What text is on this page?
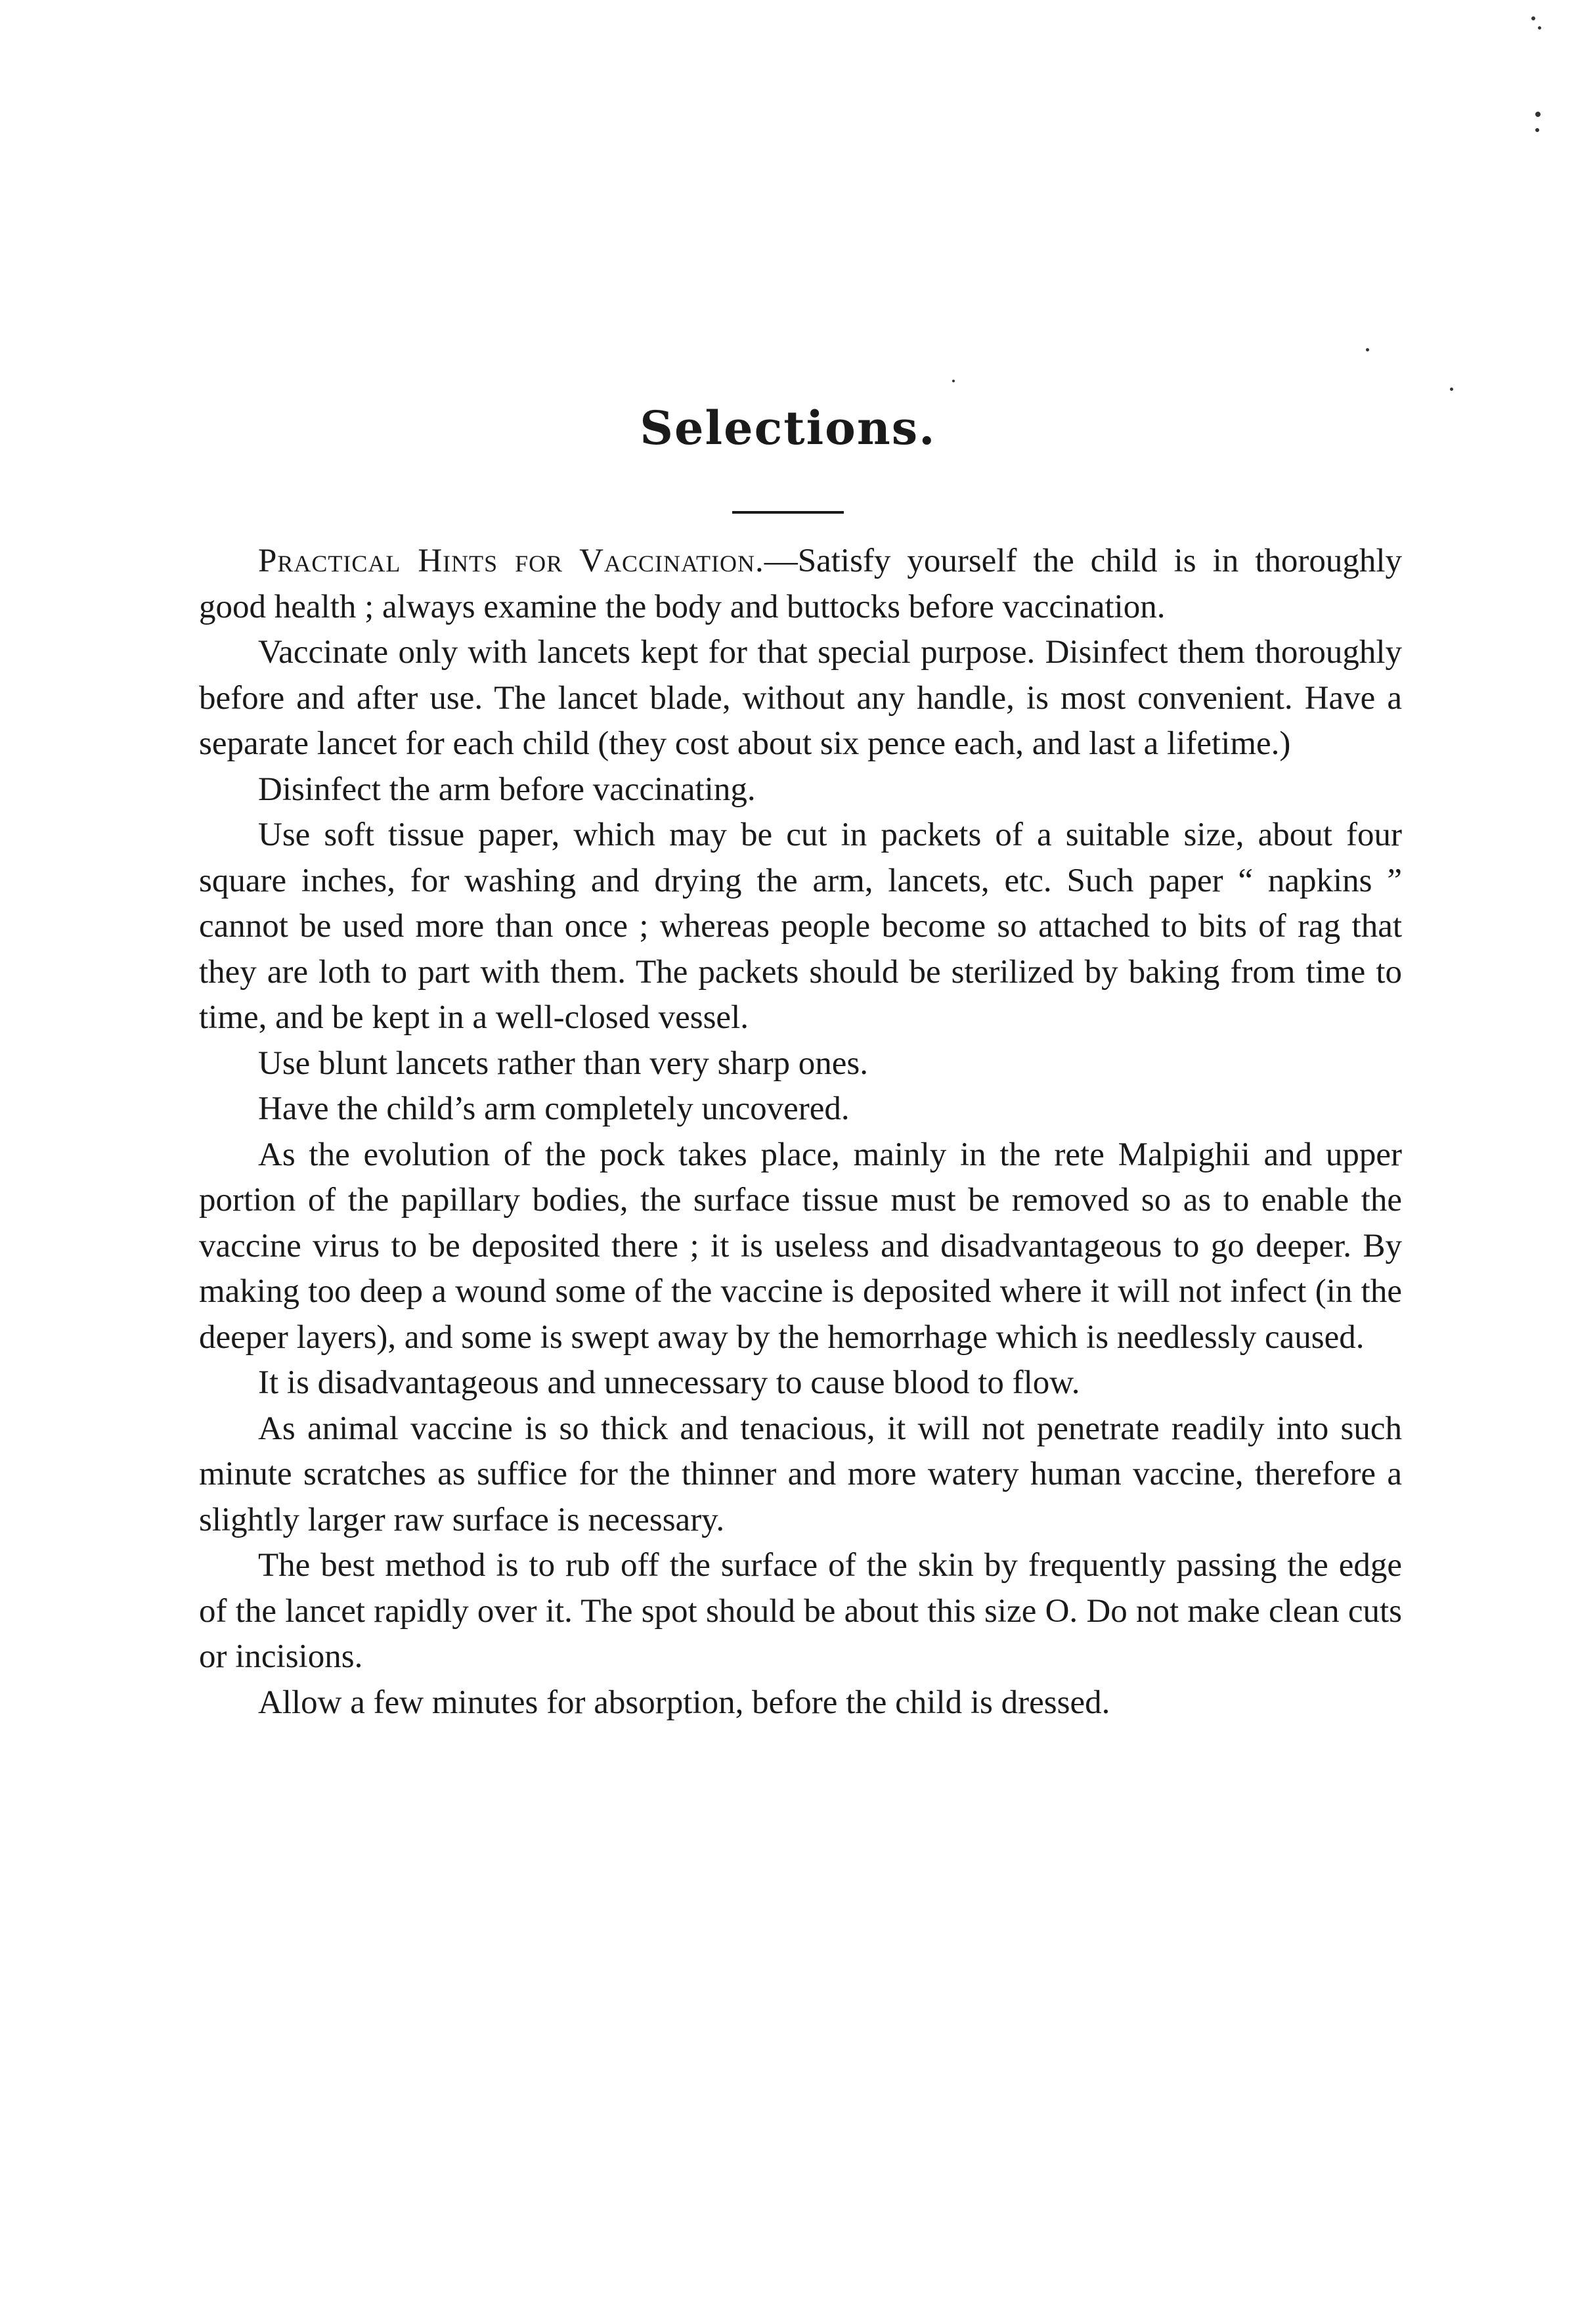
Selections.

Practical Hints for Vaccination.—Satisfy yourself the child is in thoroughly good health ; always examine the body and buttocks before vaccination.

Vaccinate only with lancets kept for that special purpose. Disinfect them thoroughly before and after use. The lancet blade, without any handle, is most convenient. Have a separate lancet for each child (they cost about six pence each, and last a lifetime.)

Disinfect the arm before vaccinating.

Use soft tissue paper, which may be cut in packets of a suitable size, about four square inches, for washing and drying the arm, lancets, etc. Such paper “ napkins ” cannot be used more than once ; whereas people become so attached to bits of rag that they are loth to part with them. The packets should be sterilized by baking from time to time, and be kept in a well-closed vessel.

Use blunt lancets rather than very sharp ones.

Have the child’s arm completely uncovered.

As the evolution of the pock takes place, mainly in the rete Malpighii and upper portion of the papillary bodies, the surface tissue must be removed so as to enable the vaccine virus to be deposited there ; it is useless and disadvantageous to go deeper. By making too deep a wound some of the vaccine is deposited where it will not infect (in the deeper layers), and some is swept away by the hemorrhage which is needlessly caused.

It is disadvantageous and unnecessary to cause blood to flow.

As animal vaccine is so thick and tenacious, it will not penetrate readily into such minute scratches as suffice for the thinner and more watery human vaccine, therefore a slightly larger raw surface is necessary.

The best method is to rub off the surface of the skin by frequently passing the edge of the lancet rapidly over it. The spot should be about this size O. Do not make clean cuts or incisions.

Allow a few minutes for absorption, before the child is dressed.
